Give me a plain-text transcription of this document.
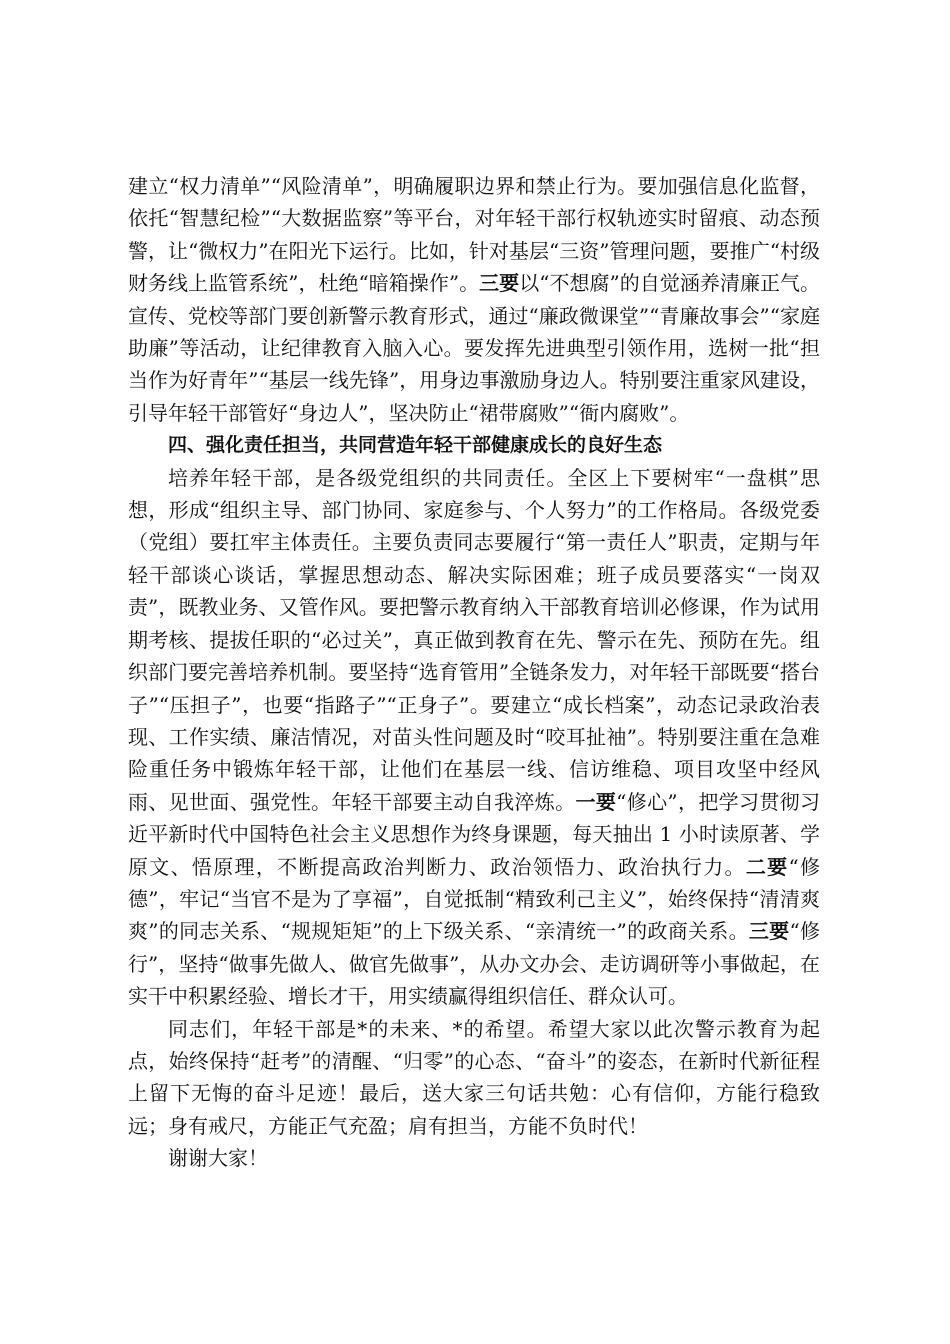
建立“权力清单”“风险清单”，明确履职边界和禁止行为。要加强信息化监督，依托“智慧纪检”“大数据监察”等平台，对年轻干部行权轨迹实时留痕、动态预警，让“微权力”在阳光下运行。比如，针对基层“三资”管理问题，要推广“村级财务线上监管系统”，杜绝“暗箱操作”。三要以“不想腐”的自觉涵养清廉正气。宣传、党校等部门要创新警示教育形式，通过“廉政微课堂”“青廉故事会”“家庭助廉”等活动，让纪律教育入脑入心。要发挥先进典型引领作用，选树一批“担当作为好青年”“基层一线先锋”，用身边事激励身边人。特别要注重家风建设，引导年轻干部管好“身边人”，坚决防止“裙带腐败”“衙内腐败”。

四、强化责任担当，共同营造年轻干部健康成长的良好生态

培养年轻干部，是各级党组织的共同责任。全区上下要树牢“一盘棋”思想，形成“组织主导、部门协同、家庭参与、个人努力”的工作格局。各级党委（党组）要扛牢主体责任。主要负责同志要履行“第一责任人”职责，定期与年轻干部谈心谈话，掌握思想动态、解决实际困难；班子成员要落实“一岗双责”，既教业务、又管作风。要把警示教育纳入干部教育培训必修课，作为试用期考核、提拔任职的“必过关”，真正做到教育在先、警示在先、预防在先。组织部门要完善培养机制。要坚持“选育管用”全链条发力，对年轻干部既要“搭台子”“压担子”，也要“指路子”“正身子”。要建立“成长档案”，动态记录政治表现、工作实绩、廉洁情况，对苗头性问题及时“咬耳扯袖”。特别要注重在急难险重任务中锻炼年轻干部，让他们在基层一线、信访维稳、项目攻坚中经风雨、见世面、强党性。年轻干部要主动自我淬炼。一要“修心”，把学习贯彻习近平新时代中国特色社会主义思想作为终身课题，每天抽出 1 小时读原著、学原文、悟原理，不断提高政治判断力、政治领悟力、政治执行力。二要“修德”，牢记“当官不是为了享福”，自觉抵制“精致利己主义”，始终保持“清清爽爽”的同志关系、“规规矩矩”的上下级关系、“亲清统一”的政商关系。三要“修行”，坚持“做事先做人、做官先做事”，从办文办会、走访调研等小事做起，在实干中积累经验、增长才干，用实绩赢得组织信任、群众认可。

同志们，年轻干部是*的未来、*的希望。希望大家以此次警示教育为起点，始终保持“赶考”的清醒、“归零”的心态、“奋斗”的姿态，在新时代新征程上留下无悔的奋斗足迹！最后，送大家三句话共勉：心有信仰，方能行稳致远；身有戒尺，方能正气充盈；肩有担当，方能不负时代！

谢谢大家！
